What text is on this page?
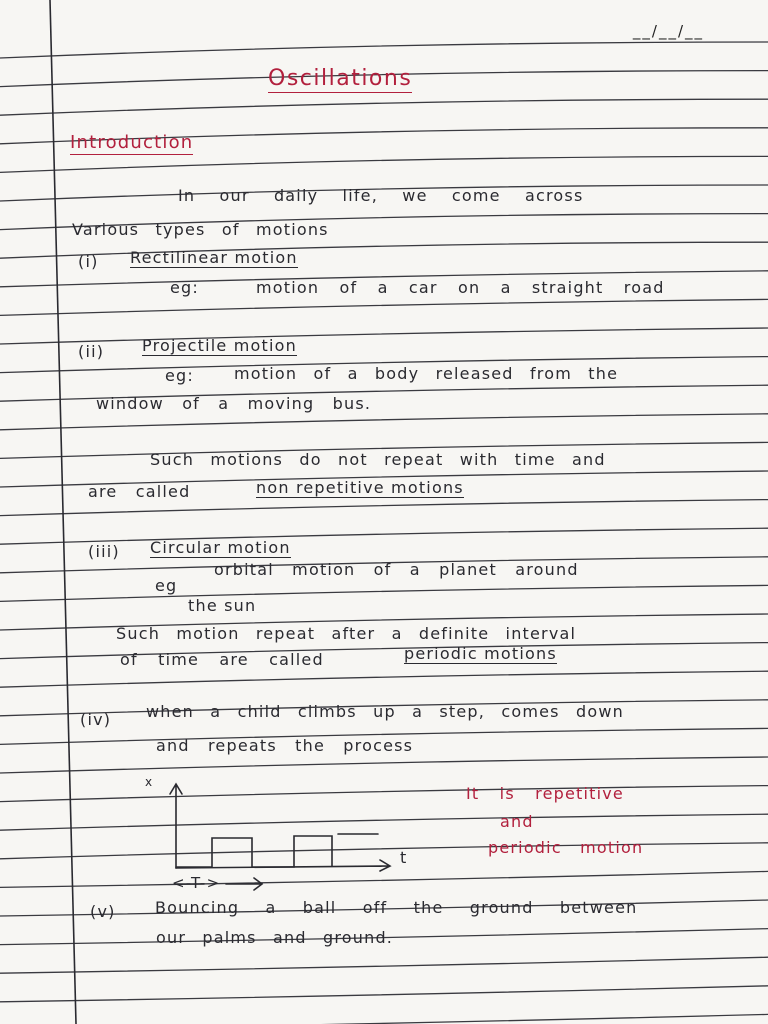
__/__/__
Oscillations
Introduction
In our daily life, we come across
Various types of motions
(i) Rectilinear motion
eg:	motion of a car on a straight road
(ii) Projectile motion
eg:	motion of a body released from the
window of a moving bus.
Such motions do not repeat with time and
are called	non repetitive motions
(iii) Circular motion
eg
orbital motion of a planet around
the sun
Such motion repeat after a definite interval
of time are called	periodic motions
(iv) when a child climbs up a step, comes down
and repeats the process
x
t
<-T->
It is repetitive
and
periodic motion
(v) Bouncing a ball off the ground between
our palms and ground.
